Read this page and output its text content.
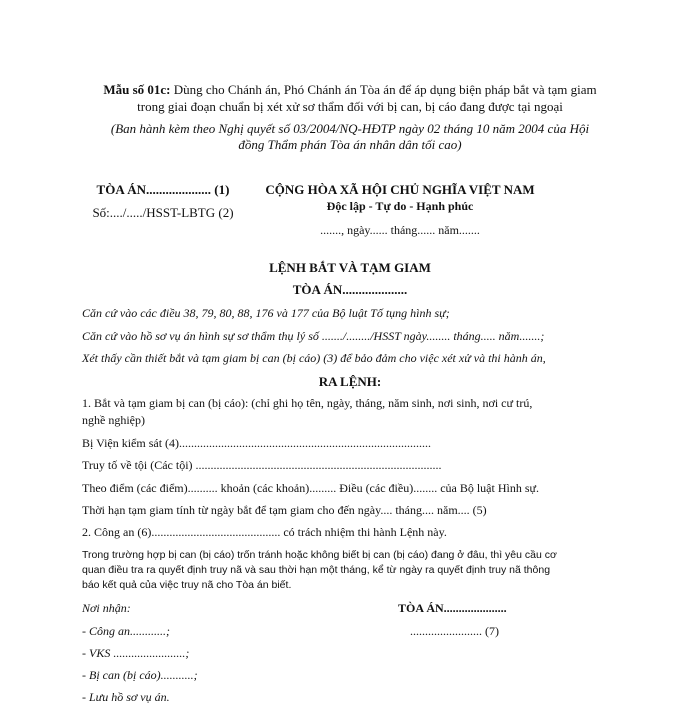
Mẫu số 01c: Dùng cho Chánh án, Phó Chánh án Tòa án để áp dụng biện pháp bắt và tạm giam
trong giai đoạn chuẩn bị xét xử sơ thẩm đối với bị can, bị cáo đang được tại ngoại
(Ban hành kèm theo Nghị quyết số 03/2004/NQ-HĐTP ngày 02 tháng 10 năm 2004 của Hội
đồng Thẩm phán Tòa án nhân dân tối cao)
TÒA ÁN.................... (1)
Số:..../...../HSST-LBTG (2)
CỘNG HÒA XÃ HỘI CHỦ NGHĨA VIỆT NAM
Độc lập - Tự do - Hạnh phúc
......., ngày...... tháng...... năm.......
LỆNH BẮT VÀ TẠM GIAM
TÒA ÁN....................
Căn cứ vào các điều 38, 79, 80, 88, 176 và 177 của Bộ luật Tố tụng hình sự;
Căn cứ vào hồ sơ vụ án hình sự sơ thẩm thụ lý số ......./......../HSST ngày........ tháng..... năm.......;
Xét thấy cần thiết bắt và tạm giam bị can (bị cáo) (3) để bảo đảm cho việc xét xử và thi hành án,
RA LỆNH:
1. Bắt và tạm giam bị can (bị cáo): (chỉ ghi họ tên, ngày, tháng, năm sinh, nơi sinh, nơi cư trú,
nghề nghiệp)
Bị Viện kiểm sát (4)....................................................................................
Truy tố về tội (Các tội) ..................................................................................
Theo điểm (các điểm).......... khoản (các khoản)......... Điều (các điều)........ của Bộ luật Hình sự.
Thời hạn tạm giam tính từ ngày bắt để tạm giam cho đến ngày.... tháng.... năm.... (5)
2. Công an (6)........................................... có trách nhiệm thi hành Lệnh này.
Trong trường hợp bị can (bị cáo) trốn tránh hoặc không biết bị can (bị cáo) đang ở đâu, thì yêu cầu cơ
quan điều tra ra quyết định truy nã và sau thời hạn một tháng, kể từ ngày ra quyết định truy nã thông
báo kết quả của việc truy nã cho Tòa án biết.
Nơi nhận:
- Công an............;
- VKS ........................;
- Bị can (bị cáo)...........;
- Lưu hồ sơ vụ án.
TÒA ÁN.....................
........................ (7)
